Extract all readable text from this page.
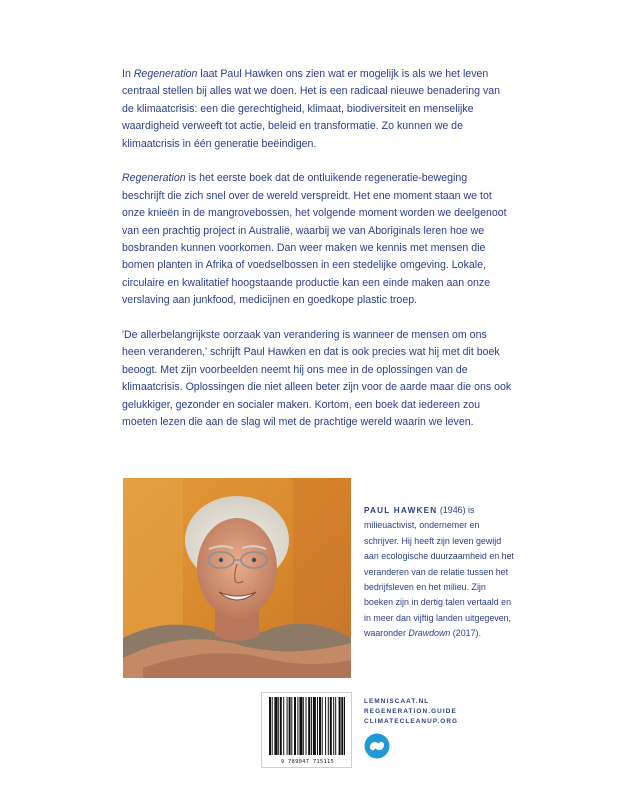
In Regeneration laat Paul Hawken ons zien wat er mogelijk is als we het leven centraal stellen bij alles wat we doen. Het is een radicaal nieuwe benadering van de klimaatcrisis: een die gerechtigheid, klimaat, biodiversiteit en menselijke waardigheid verweeft tot actie, beleid en transformatie. Zo kunnen we de klimaatcrisis in één generatie beëindigen.

Regeneration is het eerste boek dat de ontluikende regeneratie-beweging beschrijft die zich snel over de wereld verspreidt. Het ene moment staan we tot onze knieën in de mangrovebossen, het volgende moment worden we deelgenoot van een prachtig project in Australië, waarbij we van Aboriginals leren hoe we bosbranden kunnen voorkomen. Dan weer maken we kennis met mensen die bomen planten in Afrika of voedselbossen in een stedelijke omgeving. Lokale, circulaire en kwalitatief hoogstaande productie kan een einde maken aan onze verslaving aan junkfood, medicijnen en goedkope plastic troep.

'De allerbelangrijkste oorzaak van verandering is wanneer de mensen om ons heen veranderen,' schrijft Paul Hawken en dat is ook precies wat hij met dit boek beoogt. Met zijn voorbeelden neemt hij ons mee in de oplossingen van de klimaatcrisis. Oplossingen die niet alleen beter zijn voor de aarde maar die ons ook gelukkiger, gezonder en socialer maken. Kortom, een boek dat iedereen zou moeten lezen die aan de slag wil met de prachtige wereld waarin we leven.

PAUL HAWKEN (1946) is milieuactivist, ondernemer en schrijver. Hij heeft zijn leven gewijd aan ecologische duurzaamheid en het veranderen van de relatie tussen het bedrijfsleven en het milieu. Zijn boeken zijn in dertig talen vertaald en in meer dan vijftig landen uitgegeven, waaronder Drawdown (2017).
9 789047 715115
LEMNISCAAT.NL
REGENERATION.GUIDE
CLIMATECLEANUP.ORG
